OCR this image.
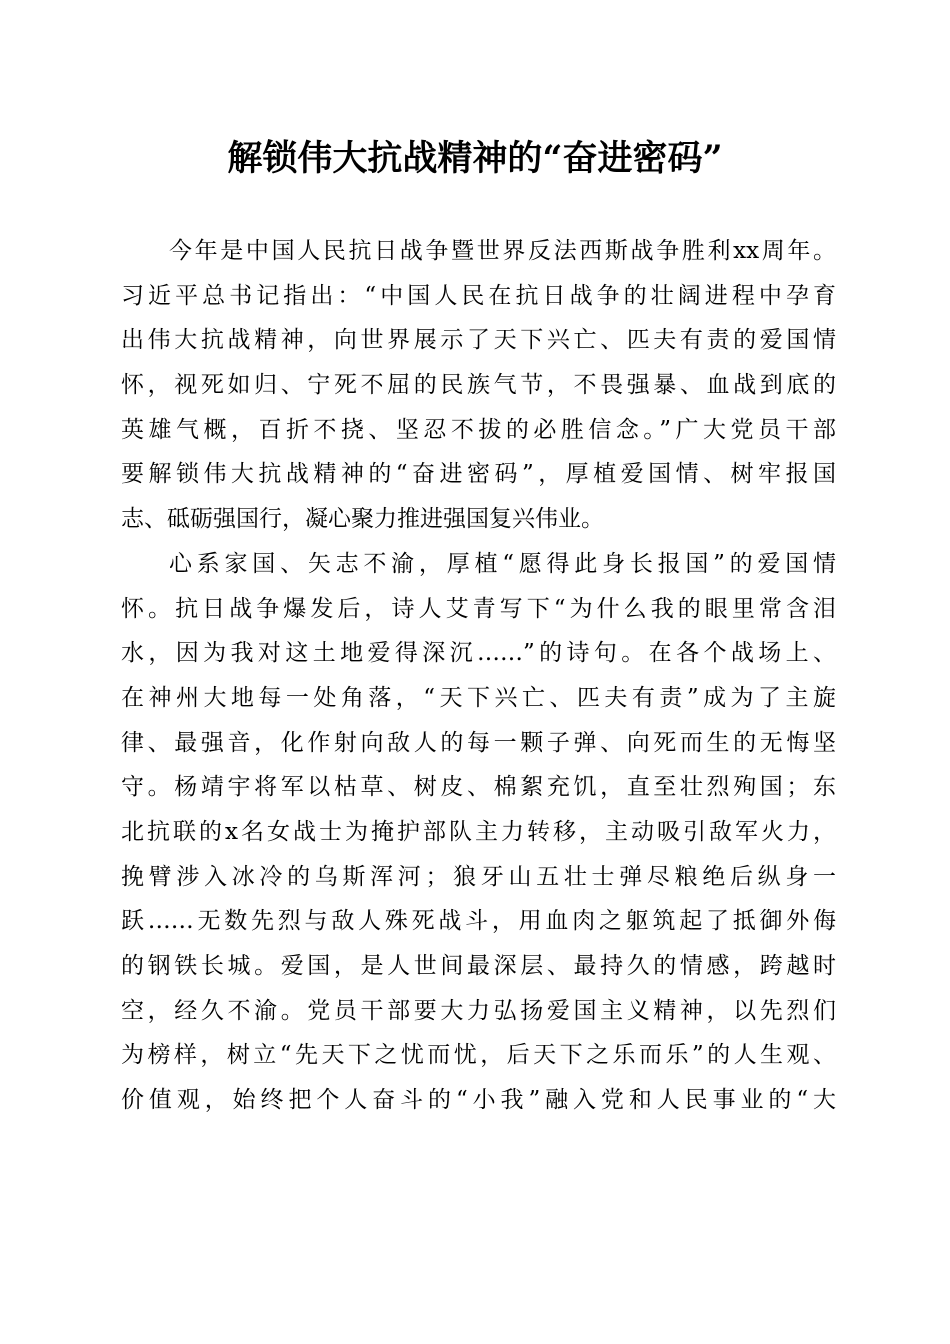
解锁伟大抗战精神的“奋进密码”
今年是中国人民抗日战争暨世界反法西斯战争胜利xx周年。
习近平总书记指出：“中国人民在抗日战争的壮阔进程中孕育
出伟大抗战精神，向世界展示了天下兴亡、匹夫有责的爱国情
怀，视死如归、宁死不屈的民族气节，不畏强暴、血战到底的
英雄气概，百折不挠、坚忍不拔的必胜信念。”广大党员干部
要解锁伟大抗战精神的“奋进密码”，厚植爱国情、树牢报国
志、砥砺强国行，凝心聚力推进强国复兴伟业。
心系家国、矢志不渝，厚植“愿得此身长报国”的爱国情
怀。抗日战争爆发后，诗人艾青写下“为什么我的眼里常含泪
水，因为我对这土地爱得深沉……”的诗句。在各个战场上、
在神州大地每一处角落，“天下兴亡、匹夫有责”成为了主旋
律、最强音，化作射向敌人的每一颗子弹、向死而生的无悔坚
守。杨靖宇将军以枯草、树皮、棉絮充饥，直至壮烈殉国；东
北抗联的x名女战士为掩护部队主力转移，主动吸引敌军火力，
挽臂涉入冰冷的乌斯浑河；狼牙山五壮士弹尽粮绝后纵身一
跃……无数先烈与敌人殊死战斗，用血肉之躯筑起了抵御外侮
的钢铁长城。爱国，是人世间最深层、最持久的情感，跨越时
空，经久不渝。党员干部要大力弘扬爱国主义精神，以先烈们
为榜样，树立“先天下之忧而忧，后天下之乐而乐”的人生观、
价值观，始终把个人奋斗的“小我”融入党和人民事业的“大
